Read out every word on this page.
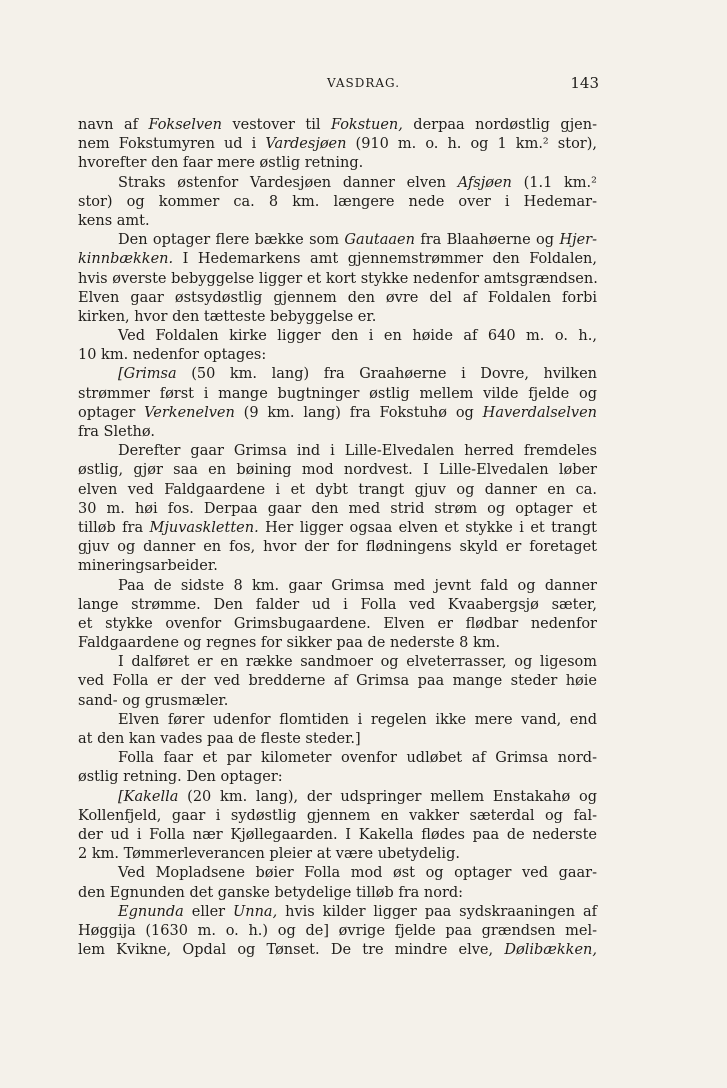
VASDRAG.	143
navn af Fokselven vestover til Fokstuen, derpaa nordøstlig gjen-
nem Fokstumyren ud i Vardesjøen (910 m. o. h. og 1 km.² stor),
hvorefter den faar mere østlig retning.
Straks østenfor Vardesjøen danner elven Afsjøen (1.1 km.²
stor) og kommer ca. 8 km. længere nede over i Hedemar-
kens amt.
Den optager flere bække som Gautaaen fra Blaahøerne og Hjer-
kinnbækken. I Hedemarkens amt gjennemstrømmer den Foldalen,
hvis øverste bebyggelse ligger et kort stykke nedenfor amtsgrændsen.
Elven gaar østsydøstlig gjennem den øvre del af Foldalen forbi
kirken, hvor den tætteste bebyggelse er.
Ved Foldalen kirke ligger den i en høide af 640 m. o. h.,
10 km. nedenfor optages:
[Grimsa (50 km. lang) fra Graahøerne i Dovre, hvilken
strømmer først i mange bugtninger østlig mellem vilde fjelde og
optager Verkenelven (9 km. lang) fra Fokstuhø og Haverdalselven
fra Slethø.
Derefter gaar Grimsa ind i Lille-Elvedalen herred fremdeles
østlig, gjør saa en bøining mod nordvest. I Lille-Elvedalen løber
elven ved Faldgaardene i et dybt trangt gjuv og danner en ca.
30 m. høi fos. Derpaa gaar den med strid strøm og optager et
tilløb fra Mjuvaskletten. Her ligger ogsaa elven et stykke i et trangt
gjuv og danner en fos, hvor der for flødningens skyld er foretaget
mineringsarbeider.
Paa de sidste 8 km. gaar Grimsa med jevnt fald og danner
lange strømme. Den falder ud i Folla ved Kvaabergsjø sæter,
et stykke ovenfor Grimsbugaardene. Elven er flødbar nedenfor
Faldgaardene og regnes for sikker paa de nederste 8 km.
I dalføret er en række sandmoer og elveterrasser, og ligesom
ved Folla er der ved bredderne af Grimsa paa mange steder høie
sand- og grusmæler.
Elven fører udenfor flomtiden i regelen ikke mere vand, end
at den kan vades paa de fleste steder.]
Folla faar et par kilometer ovenfor udløbet af Grimsa nord-
østlig retning. Den optager:
[Kakella (20 km. lang), der udspringer mellem Enstakahø og
Kollenfjeld, gaar i sydøstlig gjennem en vakker sæterdal og fal-
der ud i Folla nær Kjøllegaarden. I Kakella flødes paa de nederste
2 km. Tømmerleverancen pleier at være ubetydelig.
Ved Mopladsene bøier Folla mod øst og optager ved gaar-
den Egnunden det ganske betydelige tilløb fra nord:
Egnunda eller Unna, hvis kilder ligger paa sydskraaningen af
Høggija (1630 m. o. h.) og de] øvrige fjelde paa grændsen mel-
lem Kvikne, Opdal og Tønset. De tre mindre elve, Dølibækken,
